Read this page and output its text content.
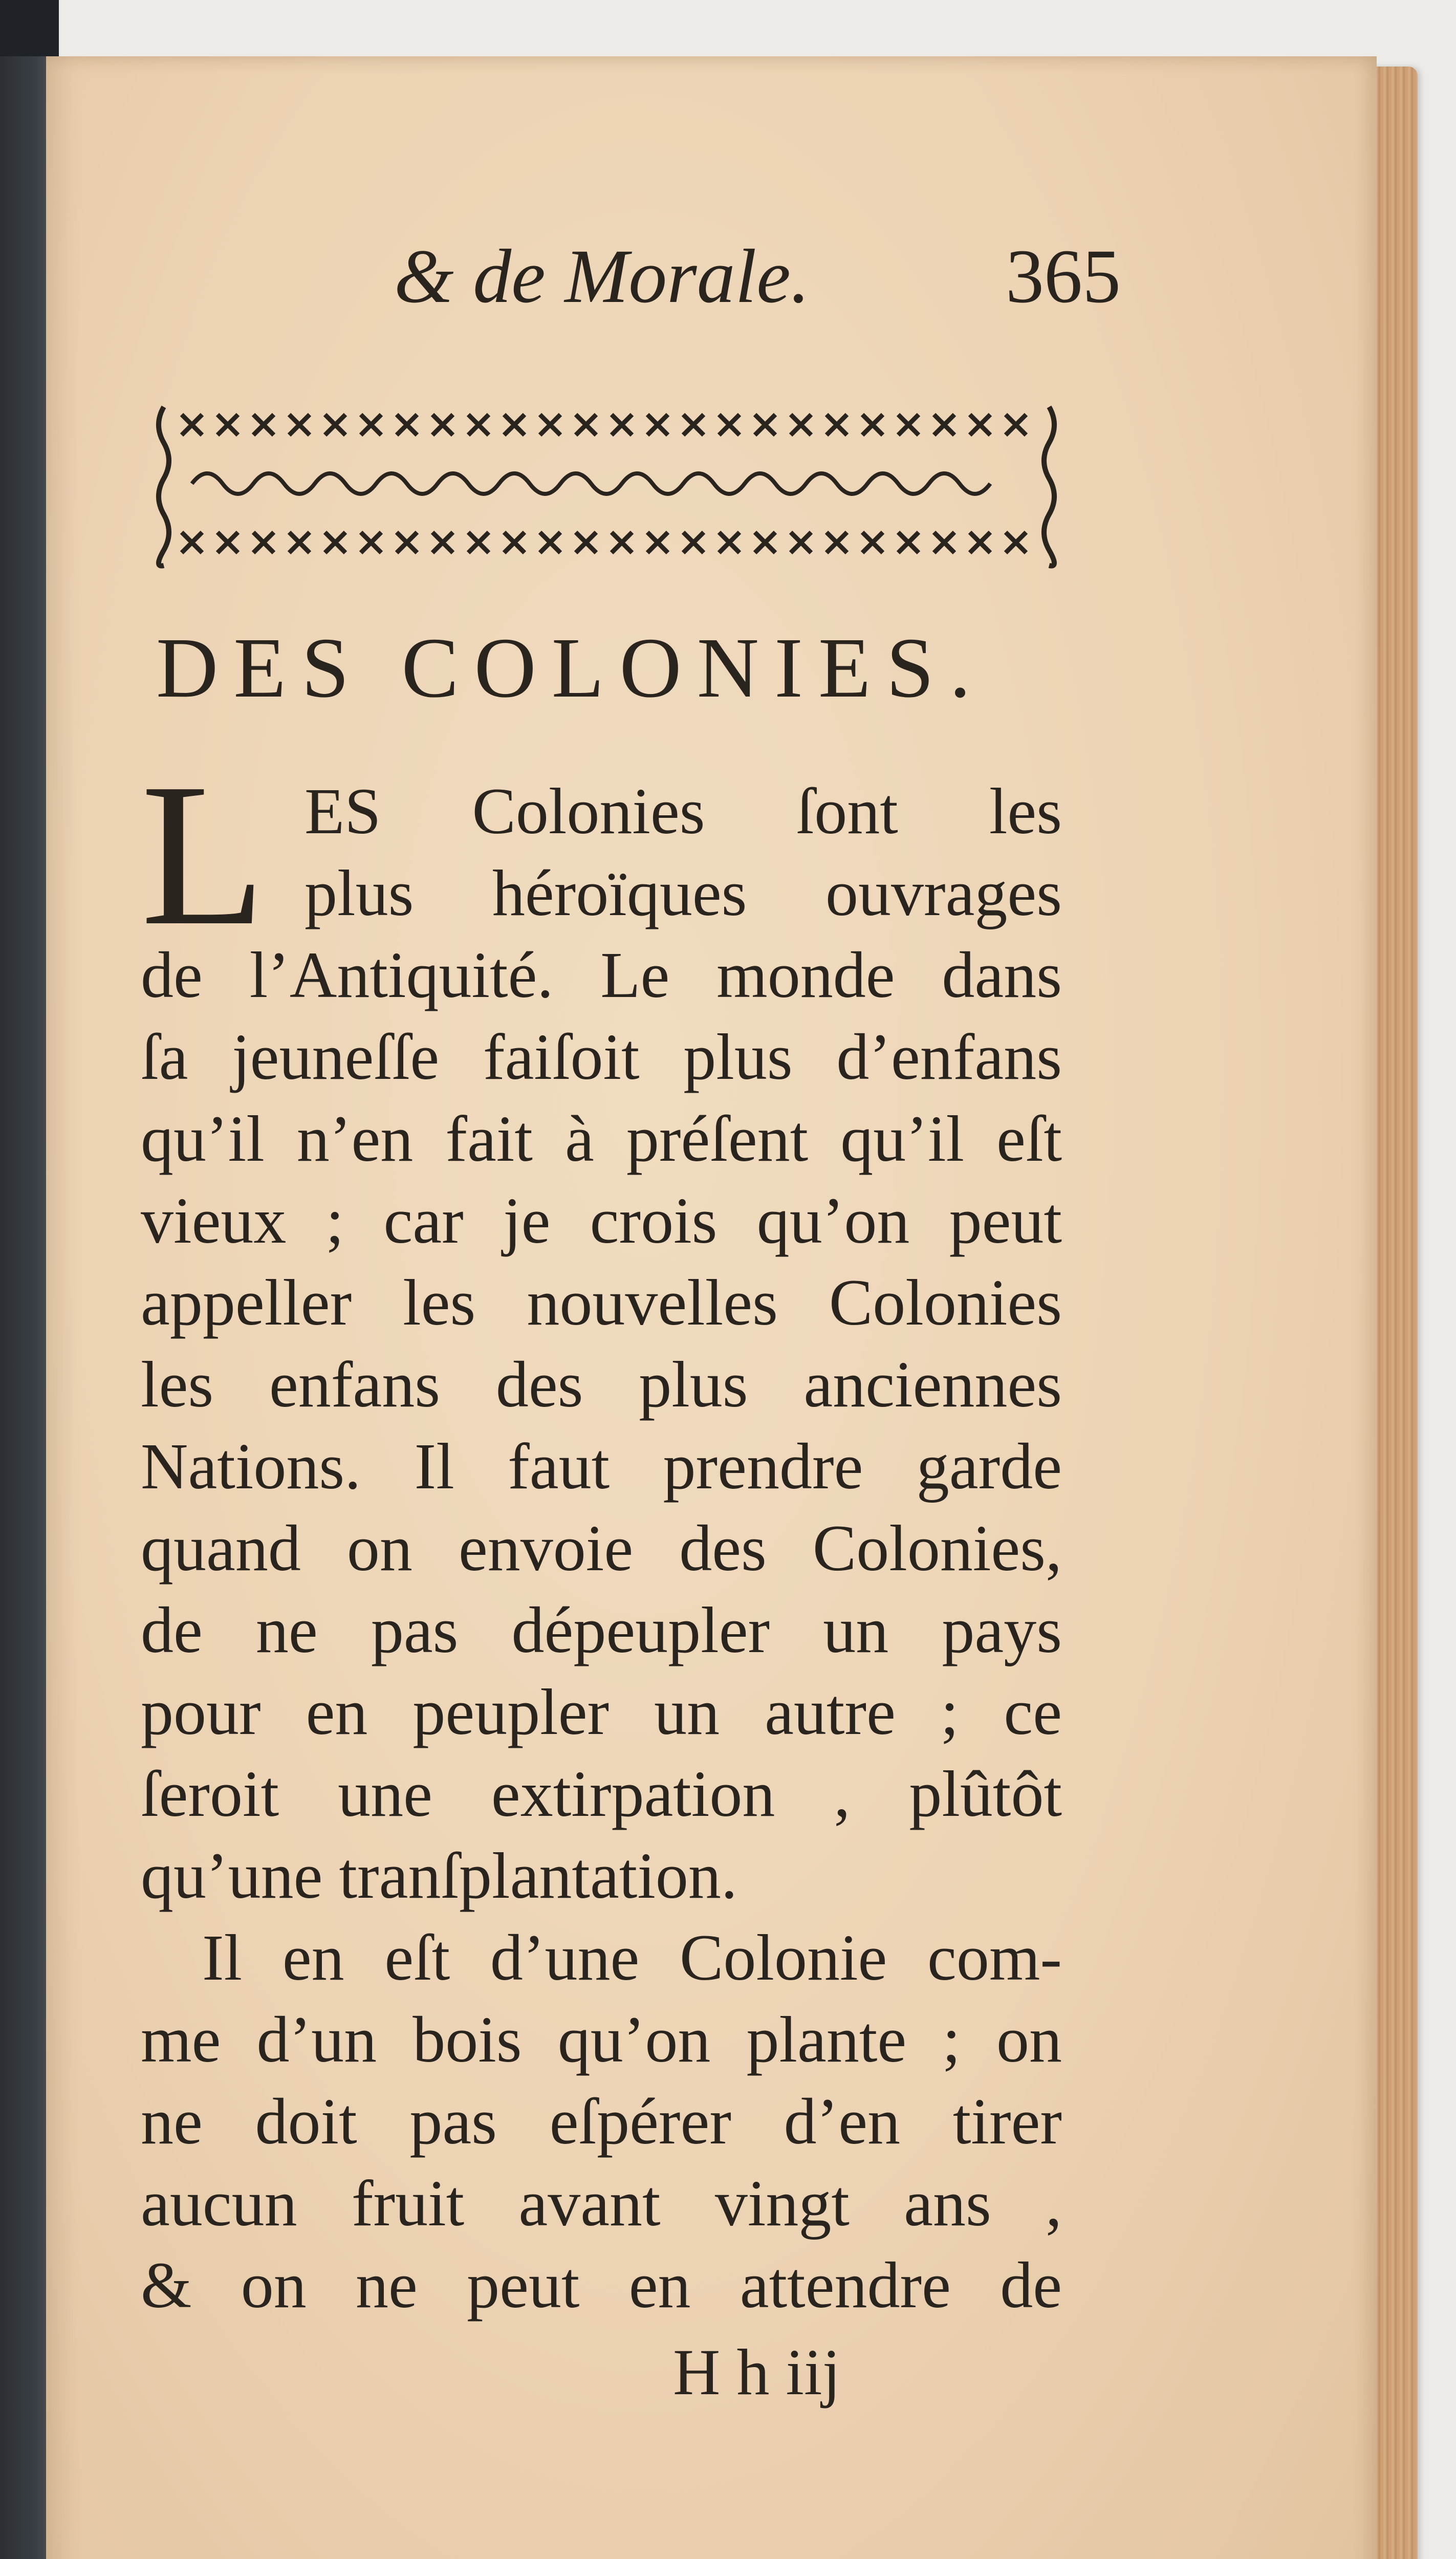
& de Morale.	365
DES COLONIES.
L ES Colonies ſont les
plus héroïques ouvrages
de l’Antiquité. Le monde dans
ſa jeuneſſe faiſoit plus d’enfans
qu’il n’en fait à préſent qu’il eſt
vieux ; car je crois qu’on peut
appeller les nouvelles Colonies
les enfans des plus anciennes
Nations. Il faut prendre garde
quand on envoie des Colonies,
de ne pas dépeupler un pays
pour en peupler un autre ; ce
ſeroit une extirpation , plûtôt
qu’une tranſplantation.
Il en eſt d’une Colonie com-
me d’un bois qu’on plante ; on
ne doit pas eſpérer d’en tirer
aucun fruit avant vingt ans ,
& on ne peut en attendre de
H h iij
